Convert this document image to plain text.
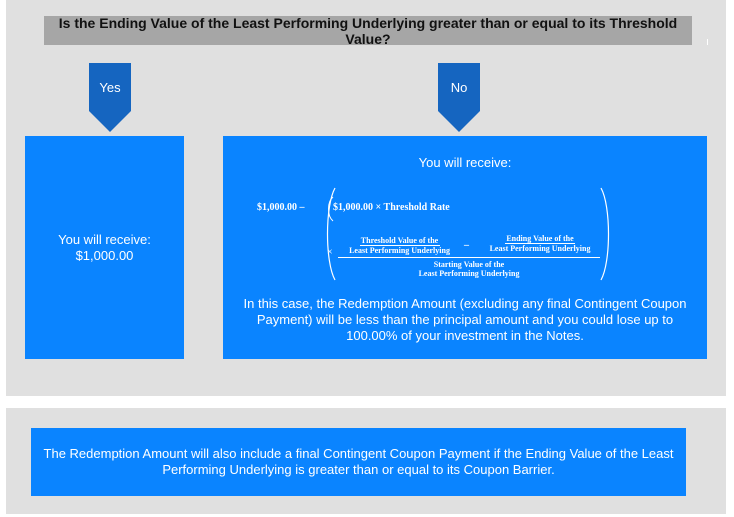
Is the Ending Value of the Least Performing Underlying greater than or equal to its Threshold Value?
Yes	No
You will receive:
$1,000.00
You will receive:
$1,000.00 –	$1,000.00 × Threshold Rate
×
Threshold Value of the
Least Performing Underlying	–
Ending Value of the
Least Performing Underlying
Starting Value of the
Least Performing Underlying
In this case, the Redemption Amount (excluding any final Contingent Coupon Payment) will be less than the principal amount and you could lose up to 100.00% of your investment in the Notes.
The Redemption Amount will also include a final Contingent Coupon Payment if the Ending Value of the Least Performing Underlying is greater than or equal to its Coupon Barrier.
